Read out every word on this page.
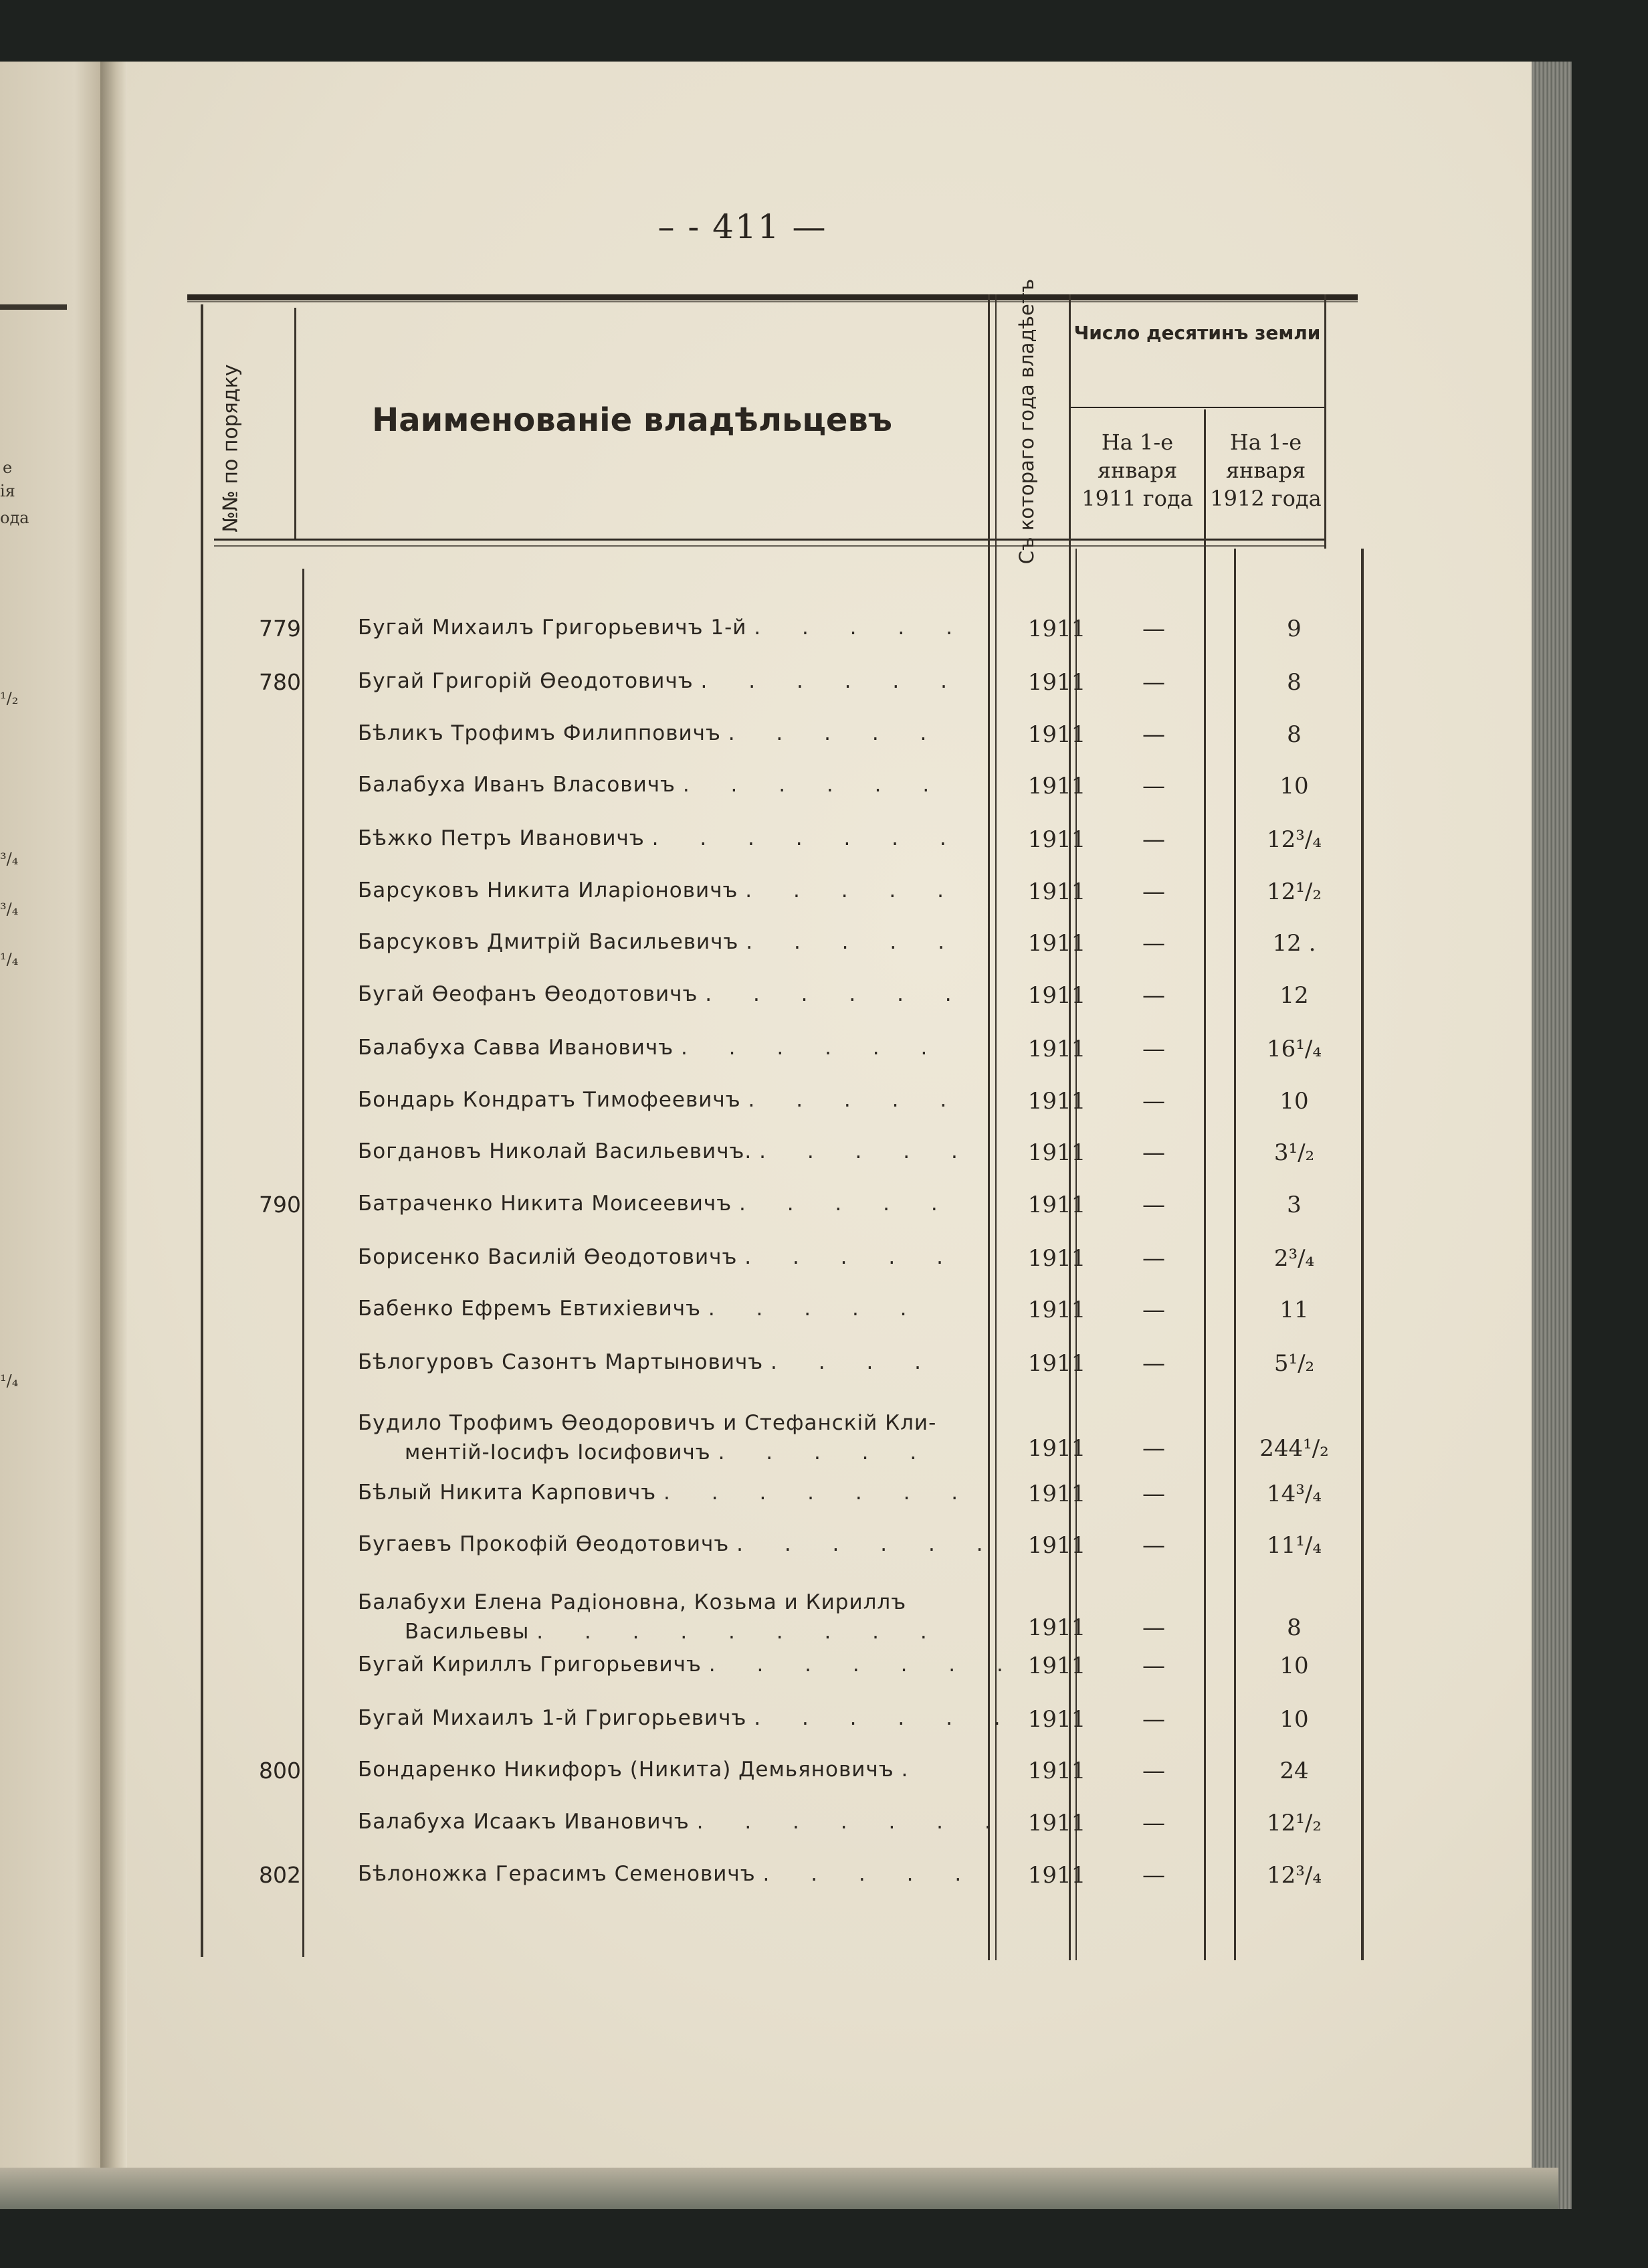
е
ія
ода
¹/₂
³/₄
³/₄
¹/₄
¹/₄
– - 411 —
№№ по порядку	Наименованіе владѣльцевъ	Съ котораго года владѣетъ Число десятинъ земли
На 1-е января 1911 года
На 1-е января 1912 года
779	Бугай Михаилъ Григорьевичъ 1-й . . . . .	1911	—	9
780	Бугай Григорій Ѳеодотовичъ . . . . . .	1911	—	8
Бѣликъ Трофимъ Филипповичъ . . . . .	1911	—	8
Балабуха Иванъ Власовичъ . . . . . .	1911	—	10
Бѣжко Петръ Ивановичъ . . . . . . .	1911	—	12³/₄
Барсуковъ Никита Иларіоновичъ . . . . .	1911	—	12¹/₂
Барсуковъ Дмитрій Васильевичъ . . . . .	1911	—	12 .
Бугай Ѳеофанъ Ѳеодотовичъ . . . . . .	1911	—	12
Балабуха Савва Ивановичъ . . . . . .	1911	—	16¹/₄
Бондарь Кондратъ Тимофеевичъ . . . . .	1911	—	10
Богдановъ Николай Васильевичъ. . . . . .	1911	—	3¹/₂
790	Батраченко Никита Моисеевичъ . . . . .	1911	—	3
Борисенко Василій Ѳеодотовичъ . . . . .	1911	—	2³/₄
Бабенко Ефремъ Евтихіевичъ . . . . .	1911	—	11
Бѣлогуровъ Сазонтъ Мартыновичъ . . . .	1911	—	5¹/₂
Будило Трофимъ Ѳеодоровичъ и Стефанскій Кли-
ментій-Іосифъ Іосифовичъ . . . . .	1911	—	244¹/₂
Бѣлый Никита Карповичъ . . . . . . .	1911	—	14³/₄
Бугаевъ Прокофій Ѳеодотовичъ . . . . . .	1911	—	11¹/₄
Балабухи Елена Радіоновна, Козьма и Кириллъ
Васильевы . . . . . . . . .	1911	—	8
Бугай Кириллъ Григорьевичъ . . . . . . . 1911	—	10
Бугай Михаилъ 1-й Григорьевичъ . . . . . . 1911	—	10
800	Бондаренко Никифоръ (Никита) Демьяновичъ .	1911	—	24
Балабуха Исаакъ Ивановичъ . . . . . . . 1911	—	12¹/₂
802	Бѣлоножка Герасимъ Семеновичъ . . . . .	1911	—	12³/₄
